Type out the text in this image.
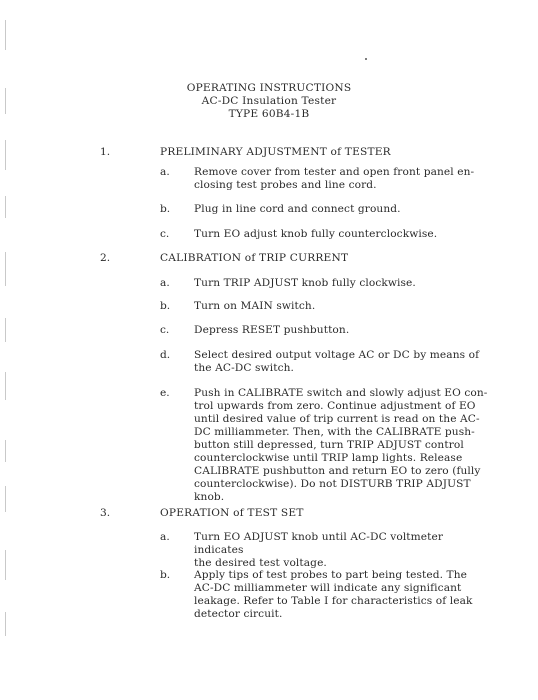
OPERATING INSTRUCTIONS
AC-DC Insulation Tester
TYPE 60B4-1B
1.	PRELIMINARY ADJUSTMENT of TESTER
a. Remove cover from tester and open front panel en-
closing test probes and line cord.
b. Plug in line cord and connect ground.
c. Turn EO adjust knob fully counterclockwise.
2.	CALIBRATION of TRIP CURRENT
a. Turn TRIP ADJUST knob fully clockwise.
b. Turn on MAIN switch.
c. Depress RESET pushbutton.
d. Select desired output voltage AC or DC by means of
the AC-DC switch.
e. Push in CALIBRATE switch and slowly adjust EO con-
trol upwards from zero. Continue adjustment of EO
until desired value of trip current is read on the AC-
DC milliammeter. Then, with the CALIBRATE push-
button still depressed, turn TRIP ADJUST control
counterclockwise until TRIP lamp lights. Release
CALIBRATE pushbutton and return EO to zero (fully
counterclockwise). Do not DISTURB TRIP ADJUST
knob.
3.	OPERATION of TEST SET
a. Turn EO ADJUST knob until AC-DC voltmeter indicates
the desired test voltage.
b. Apply tips of test probes to part being tested. The
AC-DC milliammeter will indicate any significant
leakage. Refer to Table I for characteristics of leak
detector circuit.
